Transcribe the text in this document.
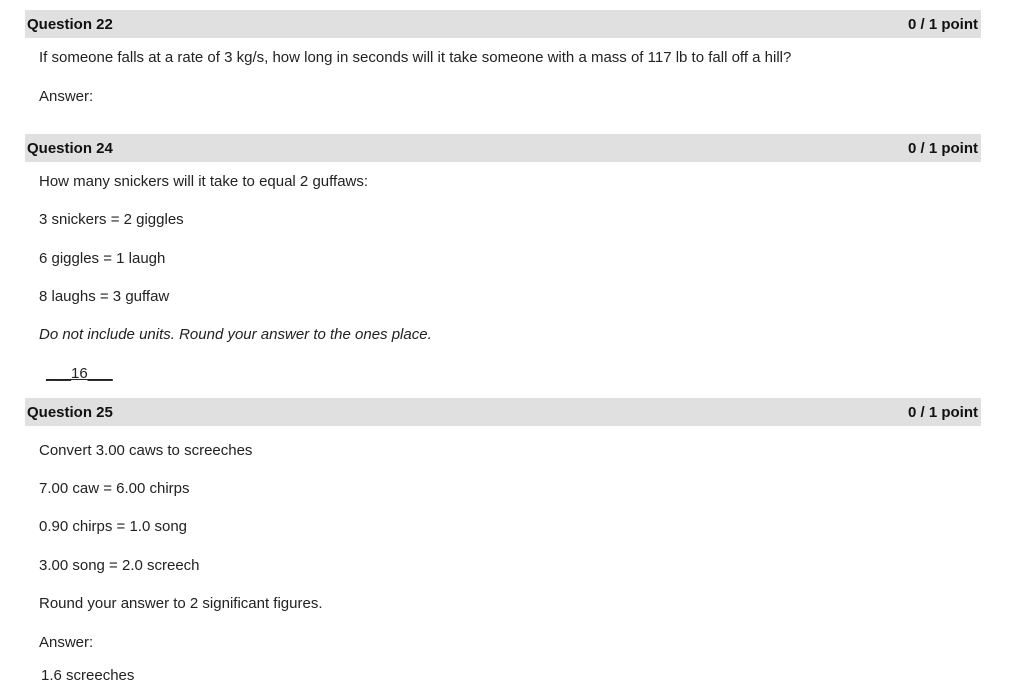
Question 22	0 / 1 point
If someone falls at a rate of 3 kg/s, how long in seconds will it take someone with a mass of 117 lb to fall off a hill?
Answer:
Question 24	0 / 1 point
How many snickers will it take to equal 2 guffaws:
3 snickers = 2 giggles
6 giggles = 1 laugh
8 laughs = 3 guffaw
Do not include units. Round your answer to the ones place.
___16___
Question 25	0 / 1 point
Convert 3.00 caws to screeches
7.00 caw = 6.00 chirps
0.90 chirps = 1.0 song
3.00 song = 2.0 screech
Round your answer to 2 significant figures.
Answer:
1.6 screeches
